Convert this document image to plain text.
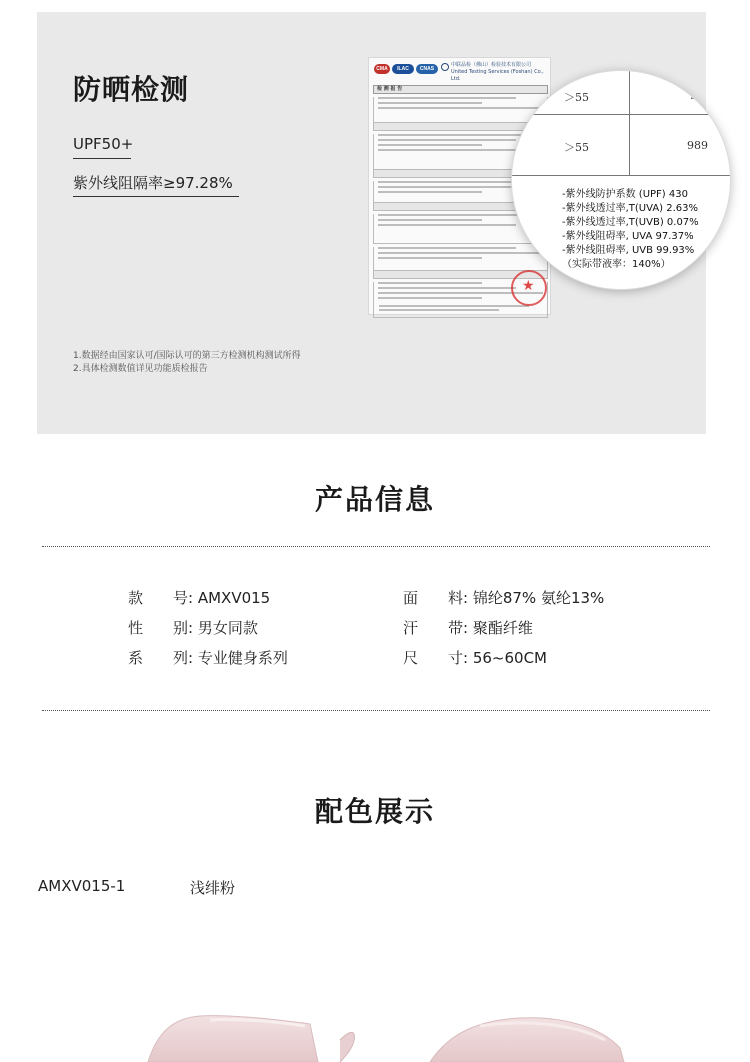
防晒检测
UPF50+
紫外线阻隔率≥97.28%
1.数据经由国家认可/国际认可的第三方检测机构测试所得
2.具体检测数值详见功能质检报告
CMA	ILAC	CNAS
中联品检（佛山）检验技术有限公司
United Testing Services (Foshan) Co., Ltd.
检 测 报 告
★
＞55	98
＞55	989
-紫外线防护系数 (UPF) 430
-紫外线透过率,T(UVA) 2.63%
-紫外线透过率,T(UVB) 0.07%
-紫外线阻碍率, UVA 97.37%
-紫外线阻碍率, UVB 99.93%
（实际带液率：140%）
产品信息
款　　号: AMXV015
性　　别: 男女同款
系　　列: 专业健身系列
面　　料: 锦纶87% 氨纶13%
汗　　带: 聚酯纤维
尺　　寸: 56~60CM
配色展示
AMXV015-1	浅绯粉
